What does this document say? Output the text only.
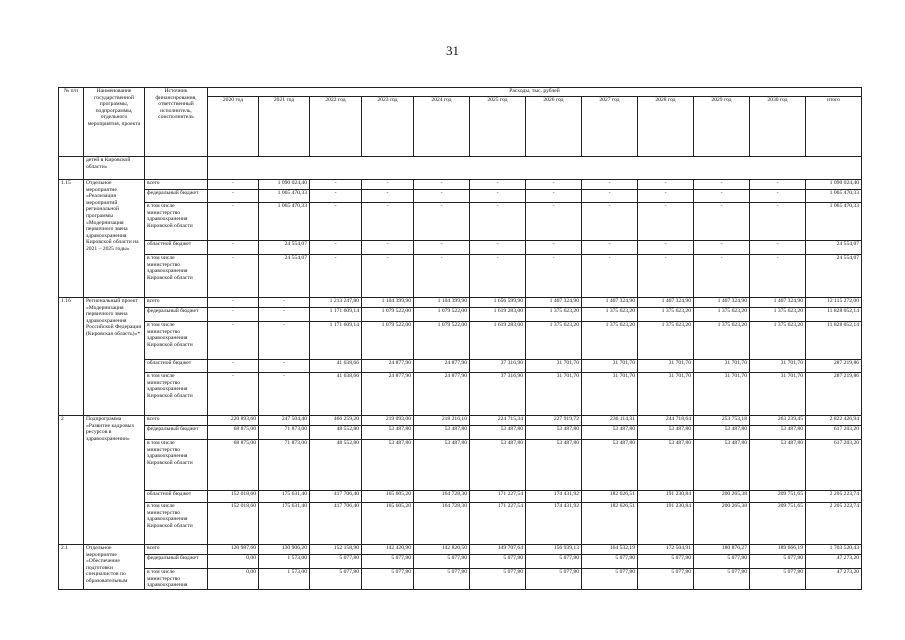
31
№ п/п	Наименование государственной программы, подпрограммы, отдельного мероприятия, проекта	Источник финансирования, ответственный исполнитель, соисполнитель	Расходы, тыс. рублей											
			2020 год	2021 год	2022 год	2023 год	2024 год	2025 год	2026 год	2027 год	2028 год	2029 год	2030 год	итого
	детей в Кировской области»													
1.15	Отдельное мероприятие «Реализация мероприятий региональной программы «Модернизация первичного звена здравоохранения Кировской области на 2021 – 2025 годы»	всего	-	1 090 024,40	-	-	-	-	-	-	-	-	-	1 090 024,40
		федеральный бюджет	-	1 065 470,33	-	-	-	-	-	-	-	-	-	1 065 470,33
		в том числе министерство здравоохранения Кировской области	-	1 065 470,33	-	-	-	-	-	-	-	-	-	1 065 470,33
		областной бюджет	-	24 554,07	-	-	-	-	-	-	-	-	-	24 554,07
		в том числе министерство здравоохранения Кировской области	-	24 554,07	-	-	-	-	-	-	-	-	-	24 554,07
1.16	Региональный проект «Модернизация первичного звена здравоохранения Российской Федерации (Кировская область)»*	всего	-	-	1 213 247,80	1 104 399,90	1 104 399,90	1 656 599,90	1 407 324,90	1 407 324,90	1 407 324,90	1 407 324,90	1 407 324,90	12 115 272,00
		федеральный бюджет	-	-	1 171 609,14	1 079 522,00	1 079 522,00	1 619 283,00	1 375 623,20	1 375 623,20	1 375 623,20	1 375 623,20	1 375 623,20	11 828 052,14
		в том числе министерство здравоохранения Кировской области	-	-	1 171 609,14	1 079 522,00	1 079 522,00	1 619 283,00	1 375 623,20	1 375 623,20	1 375 623,20	1 375 623,20	1 375 623,20	11 828 052,14
		областной бюджет	-	-	41 638,66	24 877,90	24 877,90	37 316,90	31 701,70	31 701,70	31 701,70	31 701,70	31 701,70	287 219,86
		в том числе министерство здравоохранения Кировской области	-	-	41 638,66	24 877,90	24 877,90	37 316,90	31 701,70	31 701,70	31 701,70	31 701,70	31 701,70	287 219,86
2	Подпрограмма «Развитие кадровых ресурсов в здравоохранении»	всего	220 893,60	247 504,40	466 259,20	219 093,00	218 216,10	224 715,34	227 919,72	236 114,31	244 718,64	253 753,18	263 239,45	2 822 426,94
		федеральный бюджет	68 875,00	71 873,00	48 552,80	53 487,80	53 487,80	53 487,80	53 487,80	53 487,80	53 487,80	53 487,80	53 487,80	617 203,20
		в том числе министерство здравоохранения Кировской области	68 875,00	71 873,00	48 552,80	53 487,80	53 487,80	53 487,80	53 487,80	53 487,80	53 487,80	53 487,80	53 487,80	617 203,20
		областной бюджет	152 018,60	175 631,40	417 706,40	165 605,20	164 728,30	171 227,54	174 431,92	182 626,51	191 230,84	200 265,38	209 751,65	2 205 223,74
		в том числе министерство здравоохранения Кировской области	152 018,60	175 631,40	417 706,40	165 605,20	164 728,30	171 227,54	174 431,92	182 626,51	191 230,84	200 265,38	209 751,65	2 205 223,74
2.1	Отдельное мероприятие «Обеспечение подготовки специалистов по образовательным	всего	120 987,60	130 906,20	152 158,90	142 420,90	142 820,50	149 707,64	156 939,13	164 532,19	172 504,91	180 876,27	189 666,19	1 703 520,43
		федеральный бюджет	0,00	1 573,00	5 077,80	5 077,80	5 077,80	5 077,80	5 077,80	5 077,80	5 077,80	5 077,80	5 077,80	47 273,20
		в том числе министерство здравоохранения	0,00	1 573,00	5 077,80	5 077,80	5 077,80	5 077,80	5 077,80	5 077,80	5 077,80	5 077,80	5 077,80	47 273,20
